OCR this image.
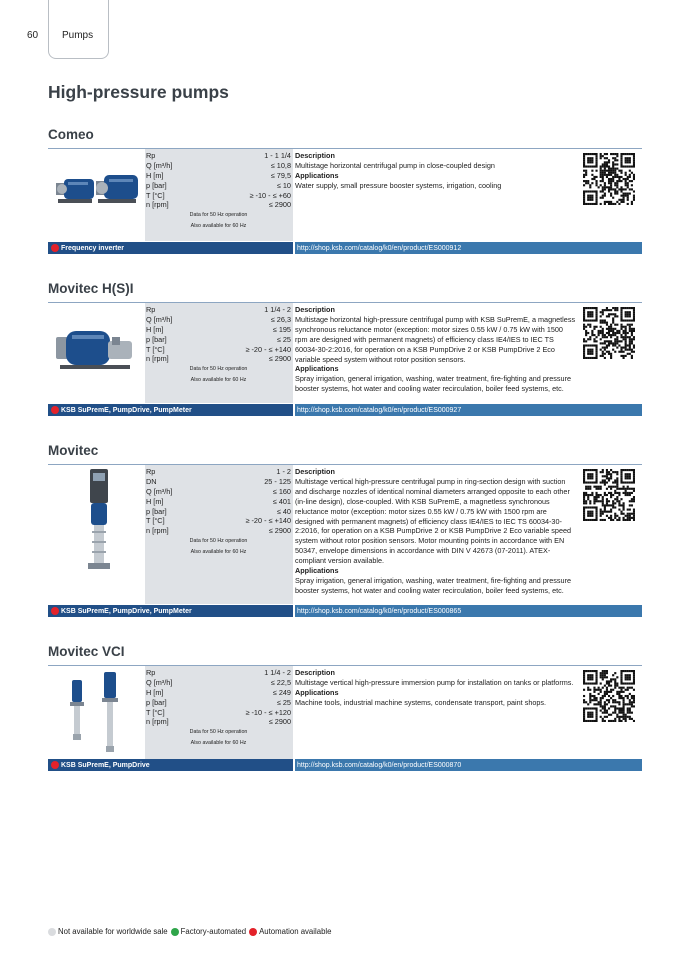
60 Pumps
High-pressure pumps
Comeo
Rp	1 - 1 1/4
Q [m³/h]	≤ 10,8
H [m]	≤ 79,5
p [bar]	≤ 10
T [°C]	≥ -10 - ≤ +60
n [rpm]	≤ 2900
Data for 50 Hz operation
Also available for 60 Hz
Description
Multistage horizontal centrifugal pump in close-coupled design
Applications
Water supply, small pressure booster systems, irrigation, cooling
Frequency inverter	http://shop.ksb.com/catalog/k0/en/product/ES000912
Movitec H(S)I
Rp	1 1/4 - 2
Q [m³/h]	≤ 26,3
H [m]	≤ 195
p [bar]	≤ 25
T [°C]	≥ -20 - ≤ +140
n [rpm]	≤ 2900
Data for 50 Hz operation
Also available for 60 Hz
Description
Multistage horizontal high-pressure centrifugal pump with KSB SuPremE, a magnetless synchronous reluctance motor (exception: motor sizes 0.55 kW / 0.75 kW with 1500 rpm are designed with permanent magnets) of efficiency class IE4/IES to IEC TS 60034-30-2:2016, for operation on a KSB PumpDrive 2 or KSB PumpDrive 2 Eco variable speed system without rotor position sensors.
Applications
Spray irrigation, general irrigation, washing, water treatment, fire-fighting and pressure booster systems, hot water and cooling water recirculation, boiler feed systems, etc.
KSB SuPremE, PumpDrive, PumpMeter	http://shop.ksb.com/catalog/k0/en/product/ES000927
Movitec
Rp	1 - 2
DN	25 - 125
Q [m³/h]	≤ 160
H [m]	≤ 401
p [bar]	≤ 40
T [°C]	≥ -20 - ≤ +140
n [rpm]	≤ 2900
Data for 50 Hz operation
Also available for 60 Hz
Description
Multistage vertical high-pressure centrifugal pump in ring-section design with suction and discharge nozzles of identical nominal diameters arranged opposite to each other (in-line design), close-coupled. With KSB SuPremE, a magnetless synchronous reluctance motor (exception: motor sizes 0.55 kW / 0.75 kW with 1500 rpm are designed with permanent magnets) of efficiency class IE4/IES to IEC TS 60034-30-2:2016, for operation on a KSB PumpDrive 2 or KSB PumpDrive 2 Eco variable speed system without rotor position sensors. Motor mounting points in accordance with EN 50347, envelope dimensions in accordance with DIN V 42673 (07-2011). ATEX-compliant version available.
Applications
Spray irrigation, general irrigation, washing, water treatment, fire-fighting and pressure booster systems, hot water and cooling water recirculation, boiler feed systems, etc.
KSB SuPremE, PumpDrive, PumpMeter	http://shop.ksb.com/catalog/k0/en/product/ES000865
Movitec VCI
Rp	1 1/4 - 2
Q [m³/h]	≤ 22,5
H [m]	≤ 249
p [bar]	≤ 25
T [°C]	≥ -10 - ≤ +120
n [rpm]	≤ 2900
Data for 50 Hz operation
Also available for 60 Hz
Description
Multistage vertical high-pressure immersion pump for installation on tanks or platforms.
Applications
Machine tools, industrial machine systems, condensate transport, paint shops.
KSB SuPremE, PumpDrive	http://shop.ksb.com/catalog/k0/en/product/ES000870
Not available for worldwide sale Factory-automated Automation available
